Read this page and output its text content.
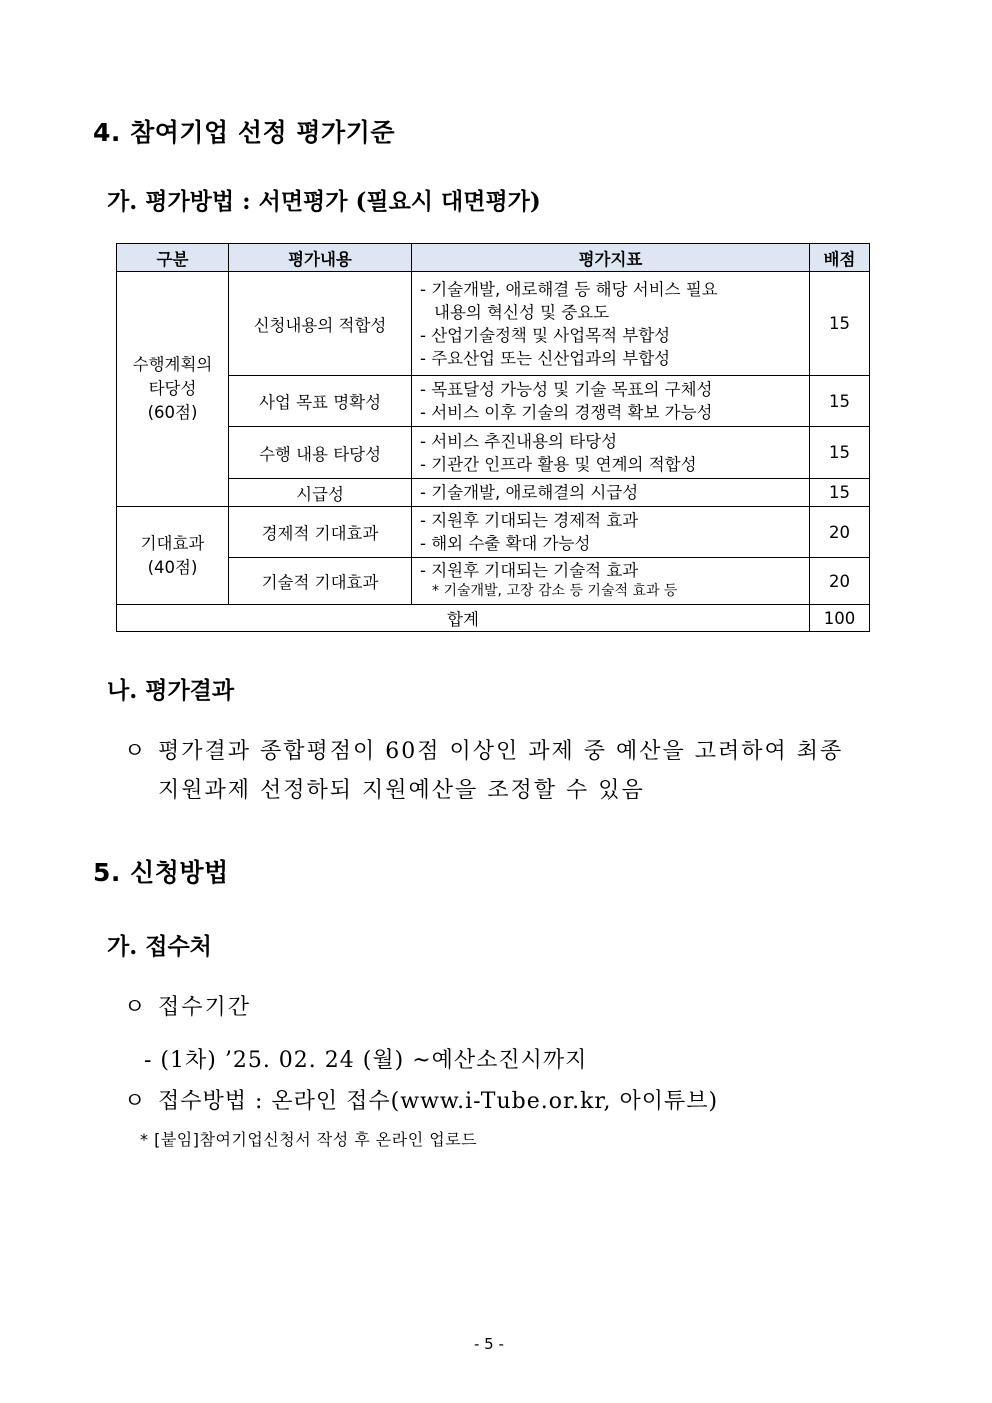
4. 참여기업 선정 평가기준
가. 평가방법 : 서면평가 (필요시 대면평가)
구분	평가내용	평가지표	배점

수행계획의
타당성
(60점)	신청내용의 적합성	- 기술개발, 애로해결 등 해당 서비스 필요
내용의 혁신성 및 중요도
- 산업기술정책 및 사업목적 부합성
- 주요산업 또는 신산업과의 부합성	15
	사업 목표 명확성	- 목표달성 가능성 및 기술 목표의 구체성
- 서비스 이후 기술의 경쟁력 확보 가능성	15
	수행 내용 타당성	- 서비스 추진내용의 타당성
- 기관간 인프라 활용 및 연계의 적합성	15
	시급성	- 기술개발, 애로해결의 시급성	15

기대효과
(40점)	경제적 기대효과	- 지원후 기대되는 경제적 효과
- 해외 수출 확대 가능성	20
	기술적 기대효과	- 지원후 기대되는 기술적 효과
* 기술개발, 고장 감소 등 기술적 효과 등	20
합계			100
나. 평가결과
ㅇ 평가결과 종합평점이 60점 이상인 과제 중 예산을 고려하여 최종
지원과제 선정하되 지원예산을 조정할 수 있음
5. 신청방법
가. 접수처
ㅇ 접수기간
- (1차) ’25. 02. 24 (월) ~예산소진시까지
ㅇ 접수방법 : 온라인 접수(www.i-Tube.or.kr, 아이튜브)
* [붙임]참여기업신청서 작성 후 온라인 업로드
- 5 -
